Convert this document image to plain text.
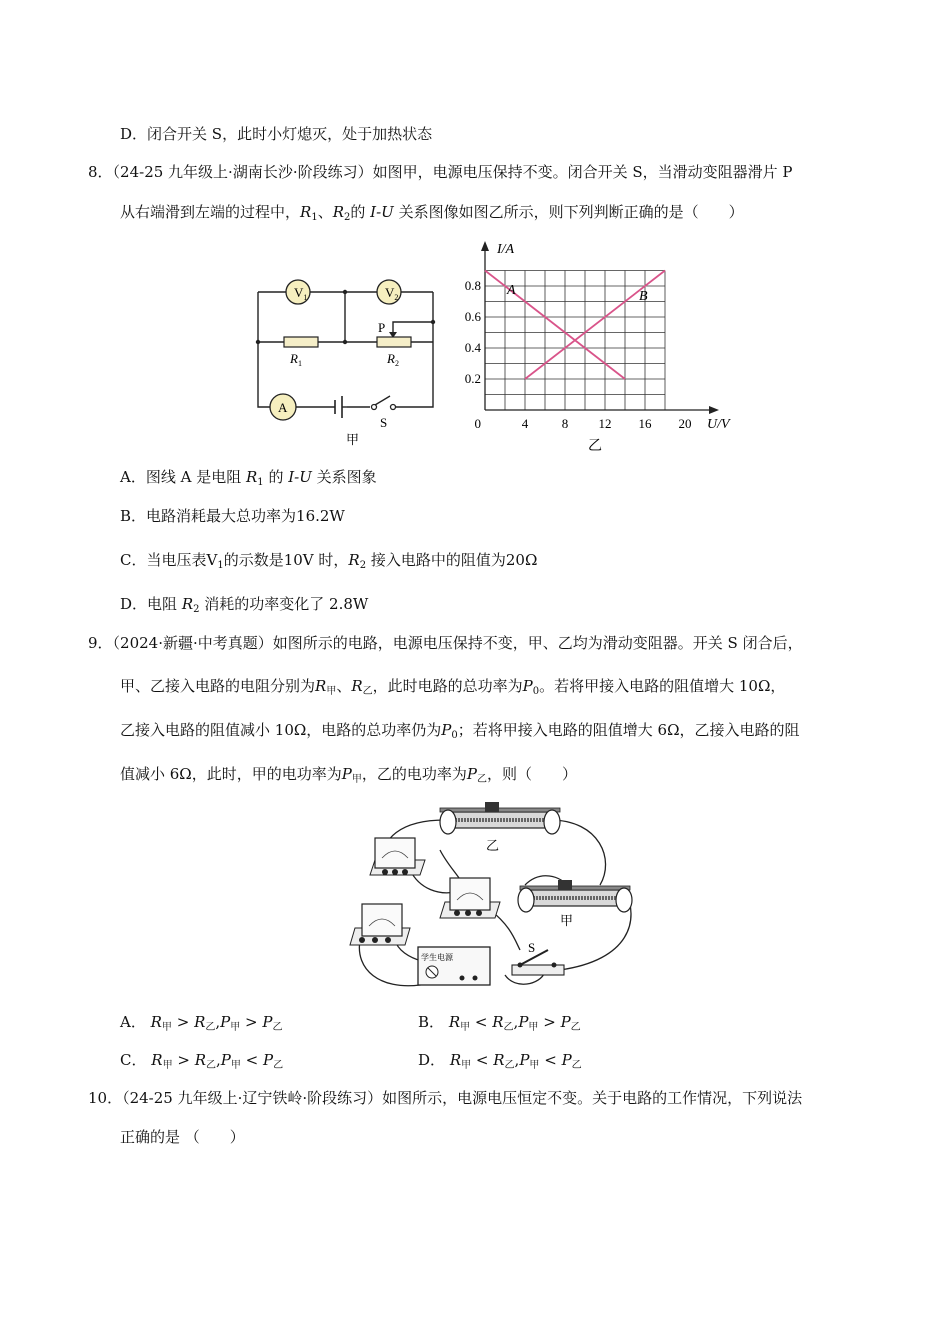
D．闭合开关 S，此时小灯熄灭，处于加热状态
8．（24-25 九年级上·湖南长沙·阶段练习）如图甲，电源电压保持不变。闭合开关 S，当滑动变阻器滑片 P
从右端滑到左端的过程中，$R_1$、$R_2$的 I-U 关系图像如图乙所示，则下列判断正确的是（　　）
$V_1$	$V_2$
A
$R_1$	$R_2$
P
S
甲
4	8 12 16 20
0.2
0.4
0.6
0.8
0
I/A
U/V
A	B
乙
A．图线 A 是电阻 $R_1$ 的 I-U 关系图象
B．电路消耗最大总功率为16.2W
C．当电压表$V_1$的示数是10V 时，$R_2$ 接入电路中的阻值为20Ω
D．电阻 $R_2$ 消耗的功率变化了 2.8W
9．（2024·新疆·中考真题）如图所示的电路，电源电压保持不变，甲、乙均为滑动变阻器。开关 S 闭合后，
甲、乙接入电路的电阻分别为$R_甲$、$R_乙$，此时电路的总功率为$P_0$。若将甲接入电路的阻值增大 10Ω，
乙接入电路的阻值减小 10Ω，电路的总功率仍为$P_0$；若将甲接入电路的阻值增大 6Ω，乙接入电路的阻
值减小 6Ω，此时，甲的电功率为$P_甲$，乙的电功率为$P_乙$，则（　　）
乙
甲
学生电源
S
A． $R_甲 > R_乙,P_甲 > P_乙$	B． $R_甲 < R_乙,P_甲 > P_乙$
C． $R_甲 > R_乙,P_甲 < P_乙$	D． $R_甲 < R_乙,P_甲 < P_乙$
10．（24-25 九年级上·辽宁铁岭·阶段练习）如图所示，电源电压恒定不变。关于电路的工作情况，下列说法
正确的是 （　　）
